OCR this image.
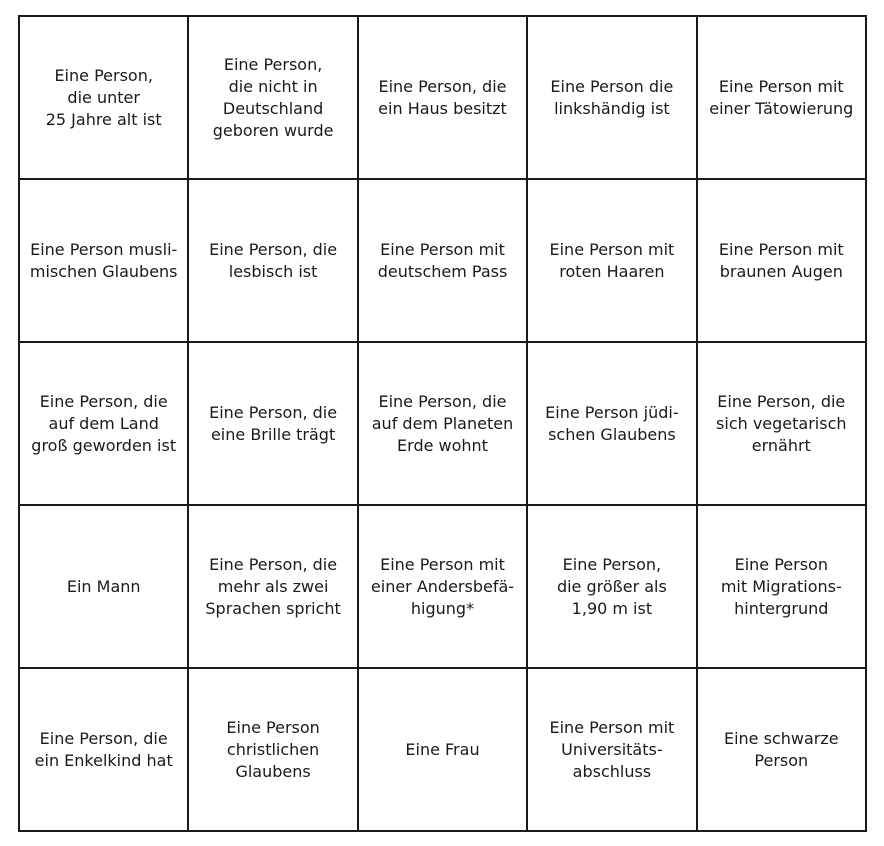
Eine Person,
die unter
25 Jahre alt ist
Eine Person,
die nicht in
Deutschland
geboren wurde
Eine Person, die
ein Haus besitzt
Eine Person die
linkshändig ist
Eine Person mit
einer Tätowierung
Eine Person musli-
mischen Glaubens
Eine Person, die
lesbisch ist
Eine Person mit
deutschem Pass
Eine Person mit
roten Haaren
Eine Person mit
braunen Augen
Eine Person, die
auf dem Land
groß geworden ist
Eine Person, die
eine Brille trägt
Eine Person, die
auf dem Planeten
Erde wohnt
Eine Person jüdi-
schen Glaubens
Eine Person, die
sich vegetarisch
ernährt
Ein Mann
Eine Person, die
mehr als zwei
Sprachen spricht
Eine Person mit
einer Andersbefä-
higung*
Eine Person,
die größer als
1,90 m ist
Eine Person
mit Migrations-
hintergrund
Eine Person, die
ein Enkelkind hat
Eine Person
christlichen
Glaubens
Eine Frau
Eine Person mit
Universitäts-
abschluss
Eine schwarze
Person
